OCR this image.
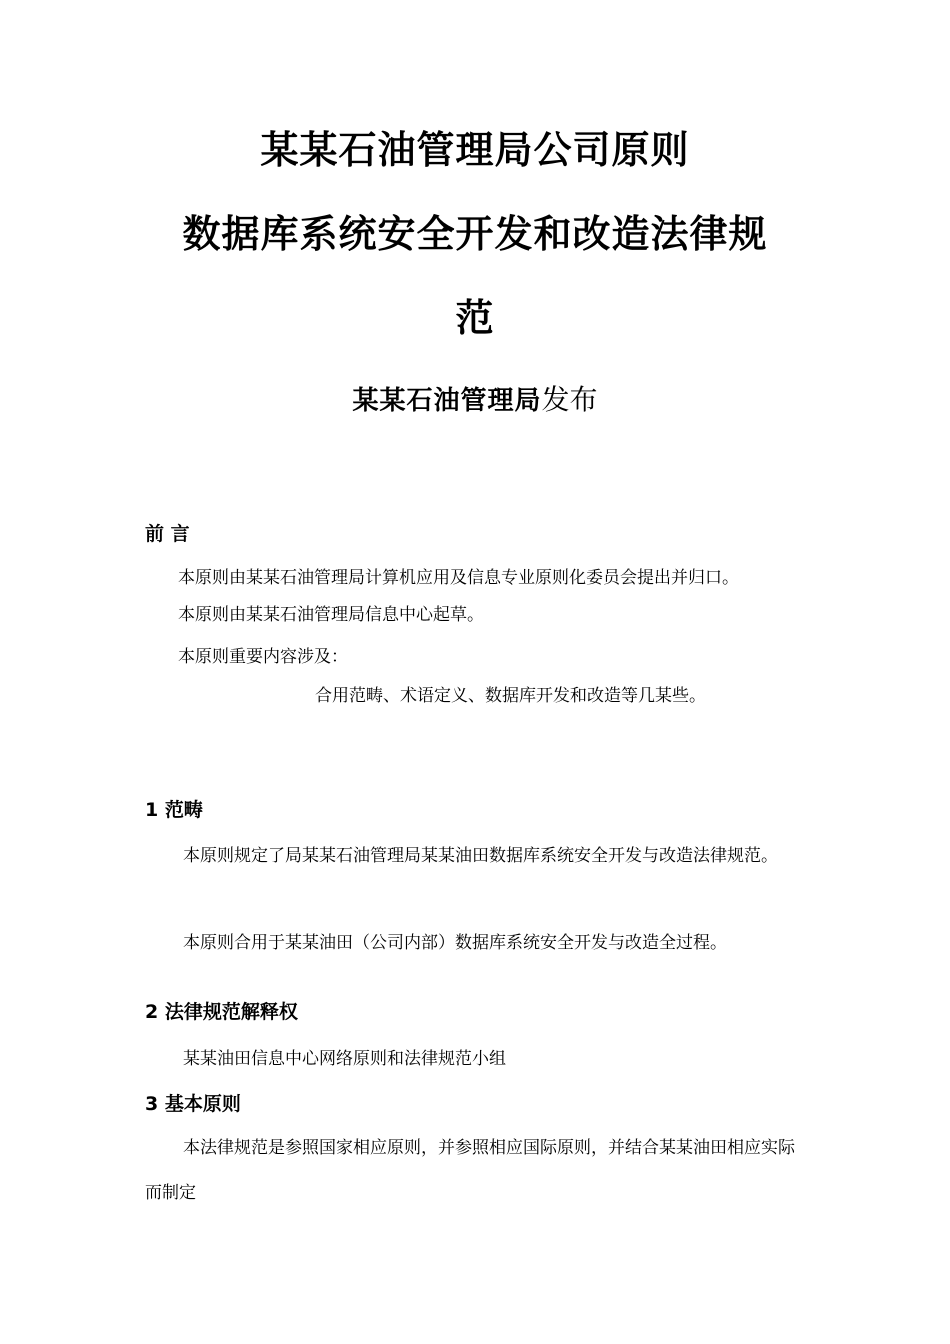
某某石油管理局公司原则
数据库系统安全开发和改造法律规
范
某某石油管理局发布
前 言
本原则由某某石油管理局计算机应用及信息专业原则化委员会提出并归口。
本原则由某某石油管理局信息中心起草。
本原则重要内容涉及：
合用范畴、术语定义、数据库开发和改造等几某些。
1 范畴
本原则规定了局某某石油管理局某某油田数据库系统安全开发与改造法律规范。
本原则合用于某某油田（公司内部）数据库系统安全开发与改造全过程。
2 法律规范解释权
某某油田信息中心网络原则和法律规范小组
3 基本原则
本法律规范是参照国家相应原则，并参照相应国际原则，并结合某某油田相应实际而制定
